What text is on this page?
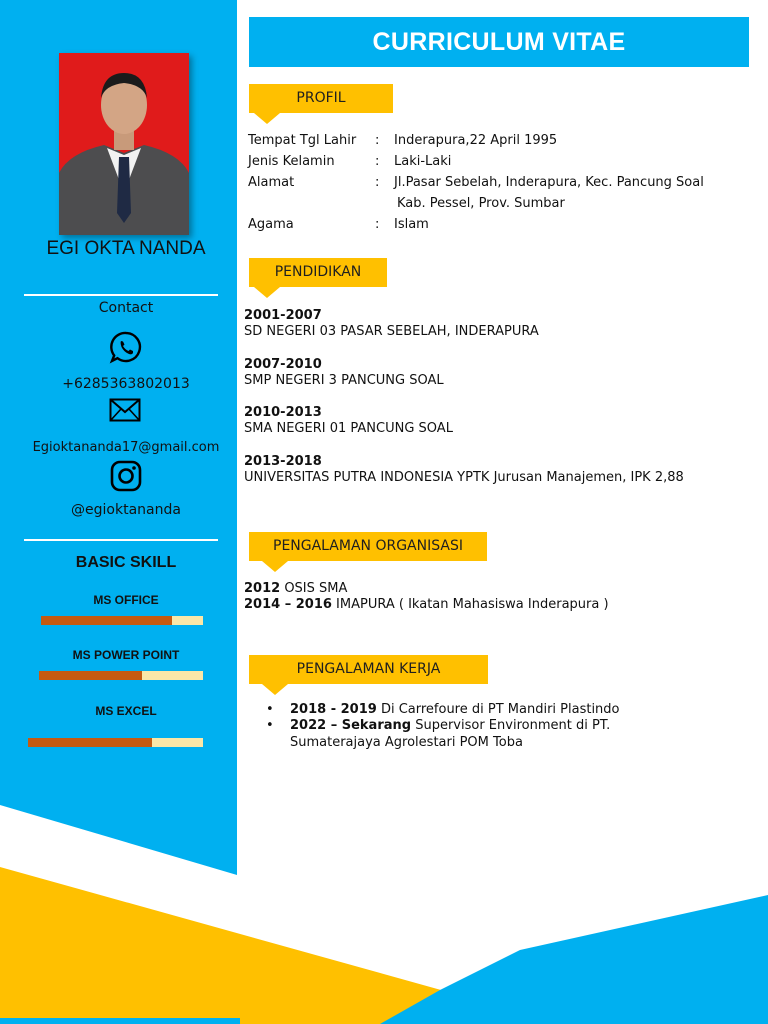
EGI OKTA NANDA
Contact
+6285363802013
Egioktananda17@gmail.com
@egioktananda
BASIC SKILL
MS OFFICE
MS POWER POINT
MS EXCEL
CURRICULUM VITAE
PROFIL
Tempat Tgl Lahir : Inderapura,22 April 1995
Jenis Kelamin	: Laki-Laki
Alamat	: Jl.Pasar Sebelah, Inderapura, Kec. Pancung Soal
Kab. Pessel, Prov. Sumbar
Agama	: Islam
PENDIDIKAN
2001-2007
SD NEGERI 03 PASAR SEBELAH, INDERAPURA
2007-2010
SMP NEGERI 3 PANCUNG SOAL
2010-2013
SMA NEGERI 01 PANCUNG SOAL
2013-2018
UNIVERSITAS PUTRA INDONESIA YPTK Jurusan Manajemen, IPK 2,88
PENGALAMAN ORGANISASI
2012 OSIS SMA
2014 – 2016 IMAPURA ( Ikatan Mahasiswa Inderapura )
PENGALAMAN KERJA
• 2018 - 2019 Di Carrefoure di PT Mandiri Plastindo
• 2022 – Sekarang Supervisor Environment di PT.
Sumaterajaya Agrolestari POM Toba
